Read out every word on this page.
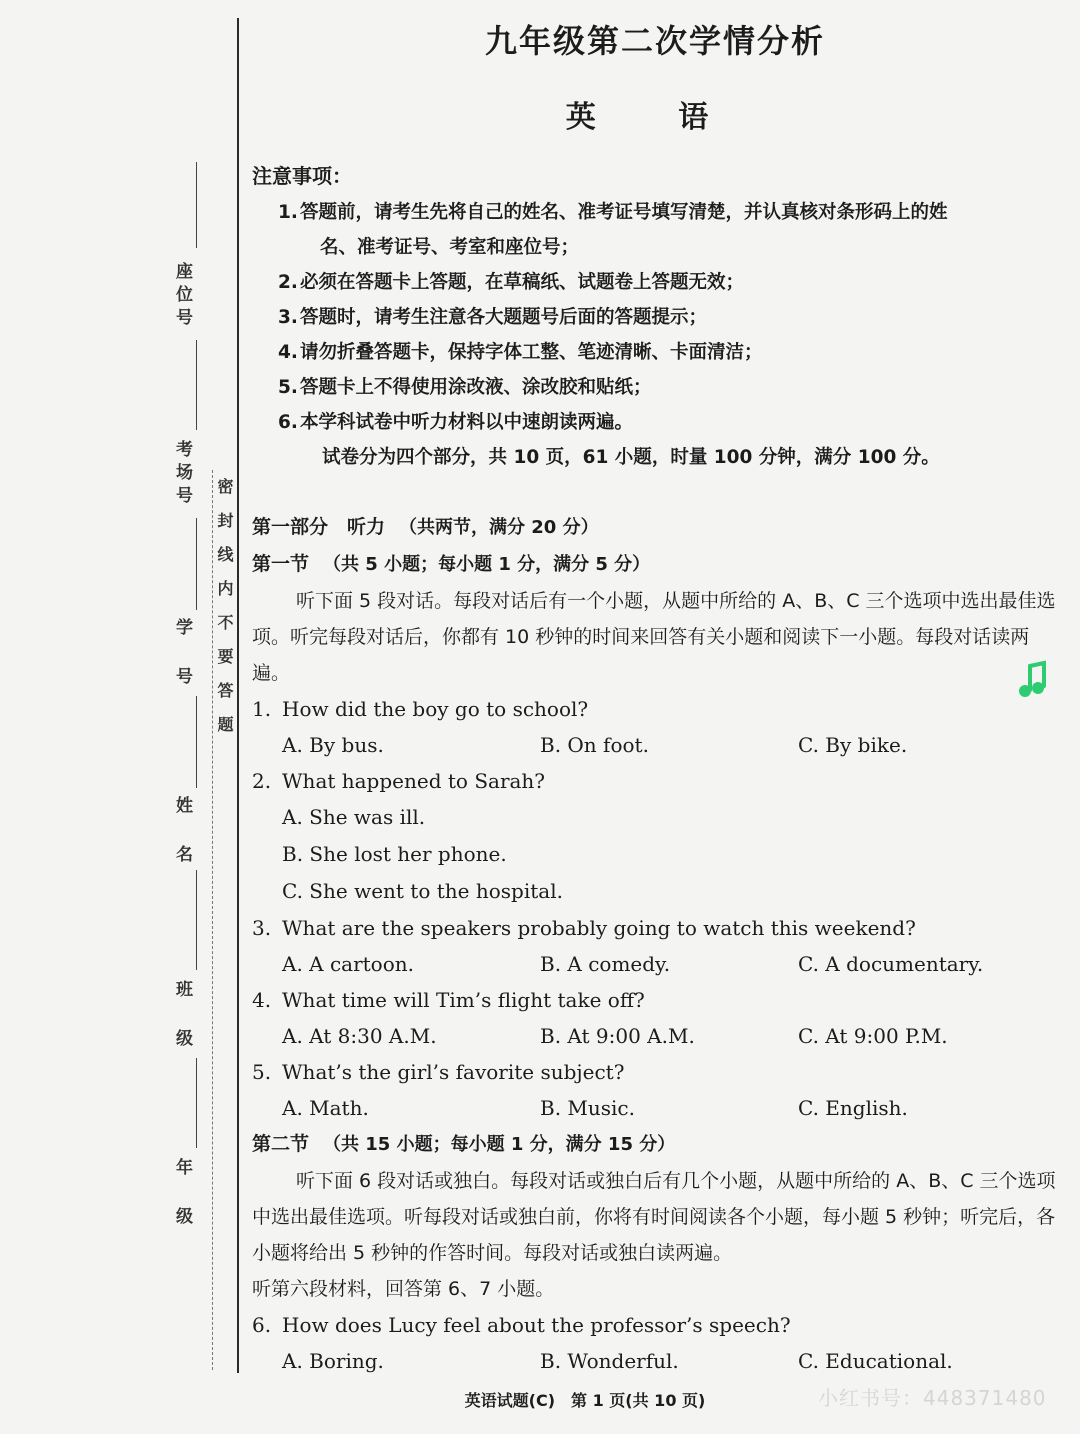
密封线内不要答题
座位号
考场号
学 号
姓 名
班 级
年 级
九年级第二次学情分析
英 语
注意事项：
1. 答题前，请考生先将自己的姓名、准考证号填写清楚，并认真核对条形码上的姓
名、准考证号、考室和座位号；
2. 必须在答题卡上答题，在草稿纸、试题卷上答题无效；
3. 答题时，请考生注意各大题题号后面的答题提示；
4. 请勿折叠答题卡，保持字体工整、笔迹清晰、卡面清洁；
5. 答题卡上不得使用涂改液、涂改胶和贴纸；
6. 本学科试卷中听力材料以中速朗读两遍。
试卷分为四个部分，共 10 页，61 小题，时量 100 分钟，满分 100 分。
第一部分　听力 （共两节，满分 20 分）
第一节 （共 5 小题；每小题 1 分，满分 5 分）

听下面 5 段对话。每段对话后有一个小题，从题中所给的 A、B、C 三个选项中选出最佳选项。听完每段对话后，你都有 10 秒钟的时间来回答有关小题和阅读下一小题。每段对话读两遍。

1. How did the boy go to school?

A. By bus.	B. On foot.	C. By bike.

2. What happened to Sarah?

A. She was ill.
B. She lost her phone.
C. She went to the hospital.

3. What are the speakers probably going to watch this weekend?

A. A cartoon.	B. A comedy.	C. A documentary.

4. What time will Tim’s flight take off?

A. At 8:30 A.M.	B. At 9:00 A.M.	C. At 9:00 P.M.

5. What’s the girl’s favorite subject?

A. Math.	B. Music.	C. English.
第二节 （共 15 小题；每小题 1 分，满分 15 分）

听下面 6 段对话或独白。每段对话或独白后有几个小题，从题中所给的 A、B、C 三个选项中选出最佳选项。听每段对话或独白前，你将有时间阅读各个小题，每小题 5 秒钟；听完后，各小题将给出 5 秒钟的作答时间。每段对话或独白读两遍。

听第六段材料，回答第 6、7 小题。

6. How does Lucy feel about the professor’s speech?

A. Boring.	B. Wonderful.	C. Educational.
英语试题(C)　第 1 页(共 10 页)	小红书号：448371480
